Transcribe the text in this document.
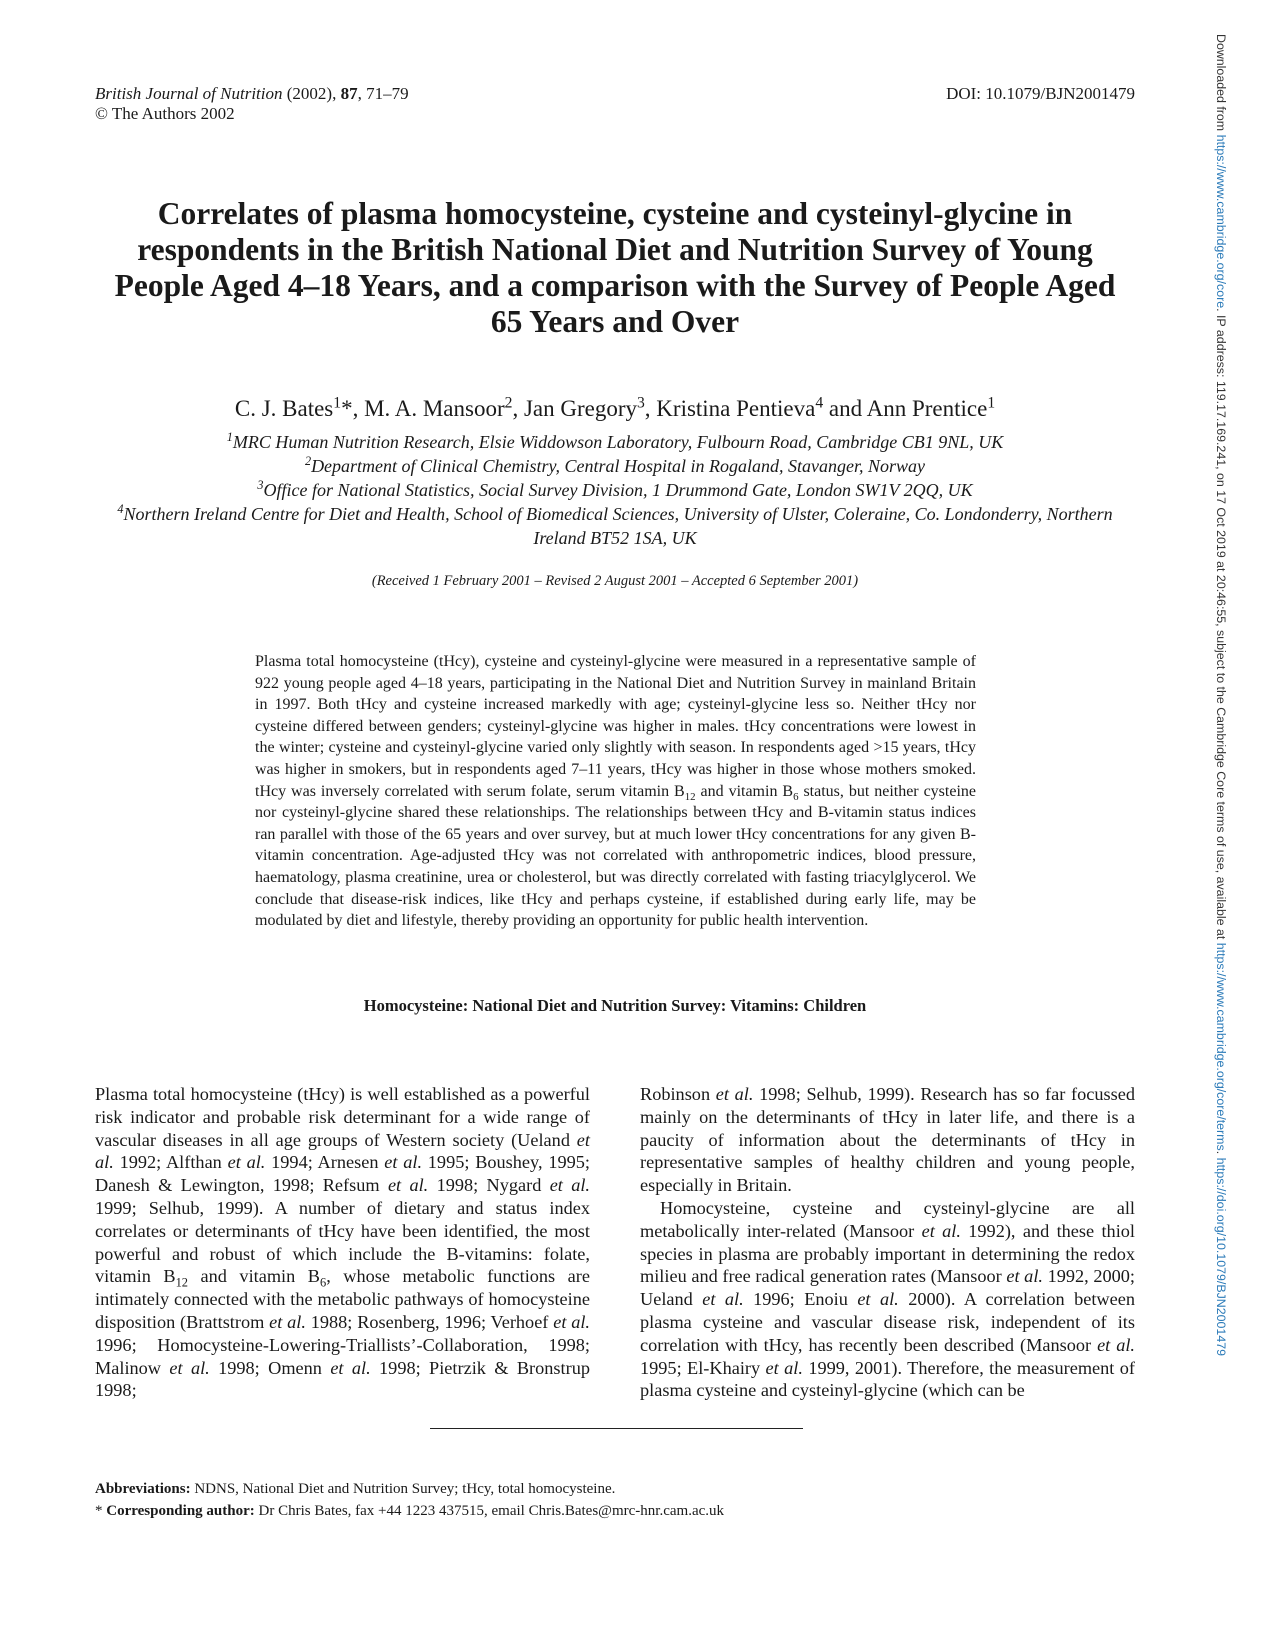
British Journal of Nutrition (2002), 87, 71–79
© The Authors 2002
DOI: 10.1079/BJN2001479
Correlates of plasma homocysteine, cysteine and cysteinyl-glycine in respondents in the British National Diet and Nutrition Survey of Young People Aged 4–18 Years, and a comparison with the Survey of People Aged 65 Years and Over
C. J. Bates$^1$*, M. A. Mansoor$^2$, Jan Gregory$^3$, Kristina Pentieva$^4$ and Ann Prentice$^1$
$^1$MRC Human Nutrition Research, Elsie Widdowson Laboratory, Fulbourn Road, Cambridge CB1 9NL, UK
$^2$Department of Clinical Chemistry, Central Hospital in Rogaland, Stavanger, Norway
$^3$Office for National Statistics, Social Survey Division, 1 Drummond Gate, London SW1V 2QQ, UK
$^4$Northern Ireland Centre for Diet and Health, School of Biomedical Sciences, University of Ulster, Coleraine, Co. Londonderry, Northern Ireland BT52 1SA, UK
(Received 1 February 2001 – Revised 2 August 2001 – Accepted 6 September 2001)
Plasma total homocysteine (tHcy), cysteine and cysteinyl-glycine were measured in a representative sample of 922 young people aged 4–18 years, participating in the National Diet and Nutrition Survey in mainland Britain in 1997. Both tHcy and cysteine increased markedly with age; cysteinyl-glycine less so. Neither tHcy nor cysteine differed between genders; cysteinyl-glycine was higher in males. tHcy concentrations were lowest in the winter; cysteine and cysteinyl-glycine varied only slightly with season. In respondents aged >15 years, tHcy was higher in smokers, but in respondents aged 7–11 years, tHcy was higher in those whose mothers smoked. tHcy was inversely correlated with serum folate, serum vitamin $B_{12}$ and vitamin $B_6$ status, but neither cysteine nor cysteinyl-glycine shared these relationships. The relationships between tHcy and B-vitamin status indices ran parallel with those of the 65 years and over survey, but at much lower tHcy concentrations for any given B-vitamin concentration. Age-adjusted tHcy was not correlated with anthropometric indices, blood pressure, haematology, plasma creatinine, urea or cholesterol, but was directly correlated with fasting triacylglycerol. We conclude that disease-risk indices, like tHcy and perhaps cysteine, if established during early life, may be modulated by diet and lifestyle, thereby providing an opportunity for public health intervention.
Homocysteine: National Diet and Nutrition Survey: Vitamins: Children

Plasma total homocysteine (tHcy) is well established as a powerful risk indicator and probable risk determinant for a wide range of vascular diseases in all age groups of Western society (Ueland et al. 1992; Alfthan et al. 1994; Arnesen et al. 1995; Boushey, 1995; Danesh & Lewington, 1998; Refsum et al. 1998; Nygard et al. 1999; Selhub, 1999). A number of dietary and status index correlates or determinants of tHcy have been identified, the most powerful and robust of which include the B-vitamins: folate, vitamin $B_{12}$ and vitamin $B_6$, whose metabolic functions are intimately connected with the metabolic pathways of homocysteine disposition (Brattstrom et al. 1988; Rosenberg, 1996; Verhoef et al. 1996; Homocysteine-Lowering-Triallists’-Collaboration, 1998; Malinow et al. 1998; Omenn et al. 1998; Pietrzik & Bronstrup 1998;

Robinson et al. 1998; Selhub, 1999). Research has so far focussed mainly on the determinants of tHcy in later life, and there is a paucity of information about the determinants of tHcy in representative samples of healthy children and young people, especially in Britain.

Homocysteine, cysteine and cysteinyl-glycine are all metabolically inter-related (Mansoor et al. 1992), and these thiol species in plasma are probably important in determining the redox milieu and free radical generation rates (Mansoor et al. 1992, 2000; Ueland et al. 1996; Enoiu et al. 2000). A correlation between plasma cysteine and vascular disease risk, independent of its correlation with tHcy, has recently been described (Mansoor et al. 1995; El-Khairy et al. 1999, 2001). Therefore, the measurement of plasma cysteine and cysteinyl-glycine (which can be

Abbreviations: NDNS, National Diet and Nutrition Survey; tHcy, total homocysteine.
* Corresponding author: Dr Chris Bates, fax +44 1223 437515, email Chris.Bates@mrc-hnr.cam.ac.uk
Downloaded from https://www.cambridge.org/core. IP address: 119.17.169.241, on 17 Oct 2019 at 20:46:55, subject to the Cambridge Core terms of use, available at https://www.cambridge.org/core/terms. https://doi.org/10.1079/BJN2001479
